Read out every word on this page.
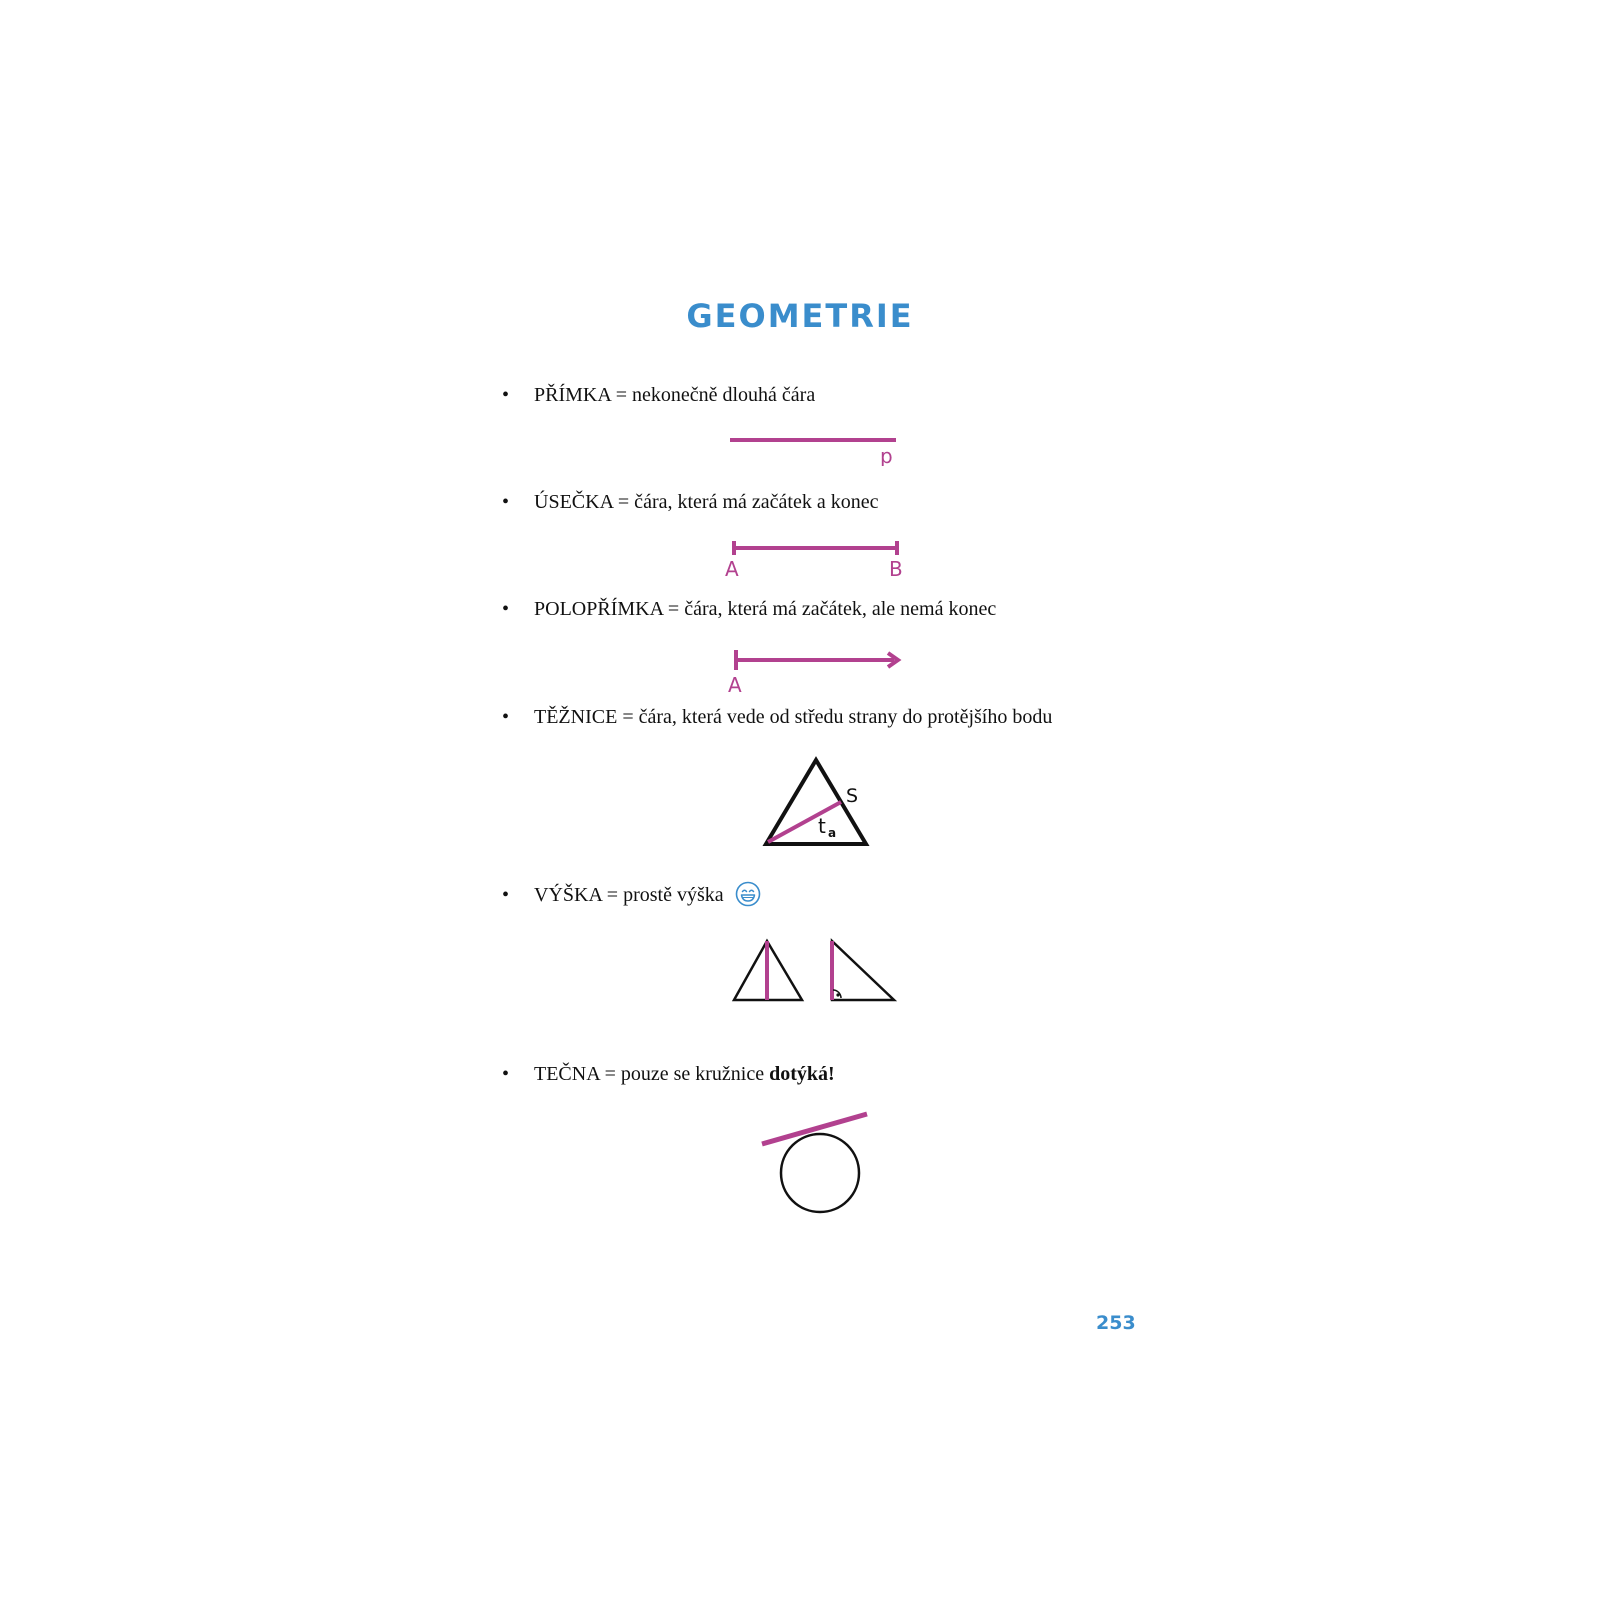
GEOMETRIE
• PŘÍMKA = nekonečně dlouhá čára
p
• ÚSEČKA = čára, která má začátek a konec
A	B
• POLOPŘÍMKA = čára, která má začátek, ale nemá konec
A
• TĚŽNICE = čára, která vede od středu strany do protějšího bodu
S
t a
• VÝŠKA = prostě výška
• TEČNA = pouze se kružnice dotýká!
253
